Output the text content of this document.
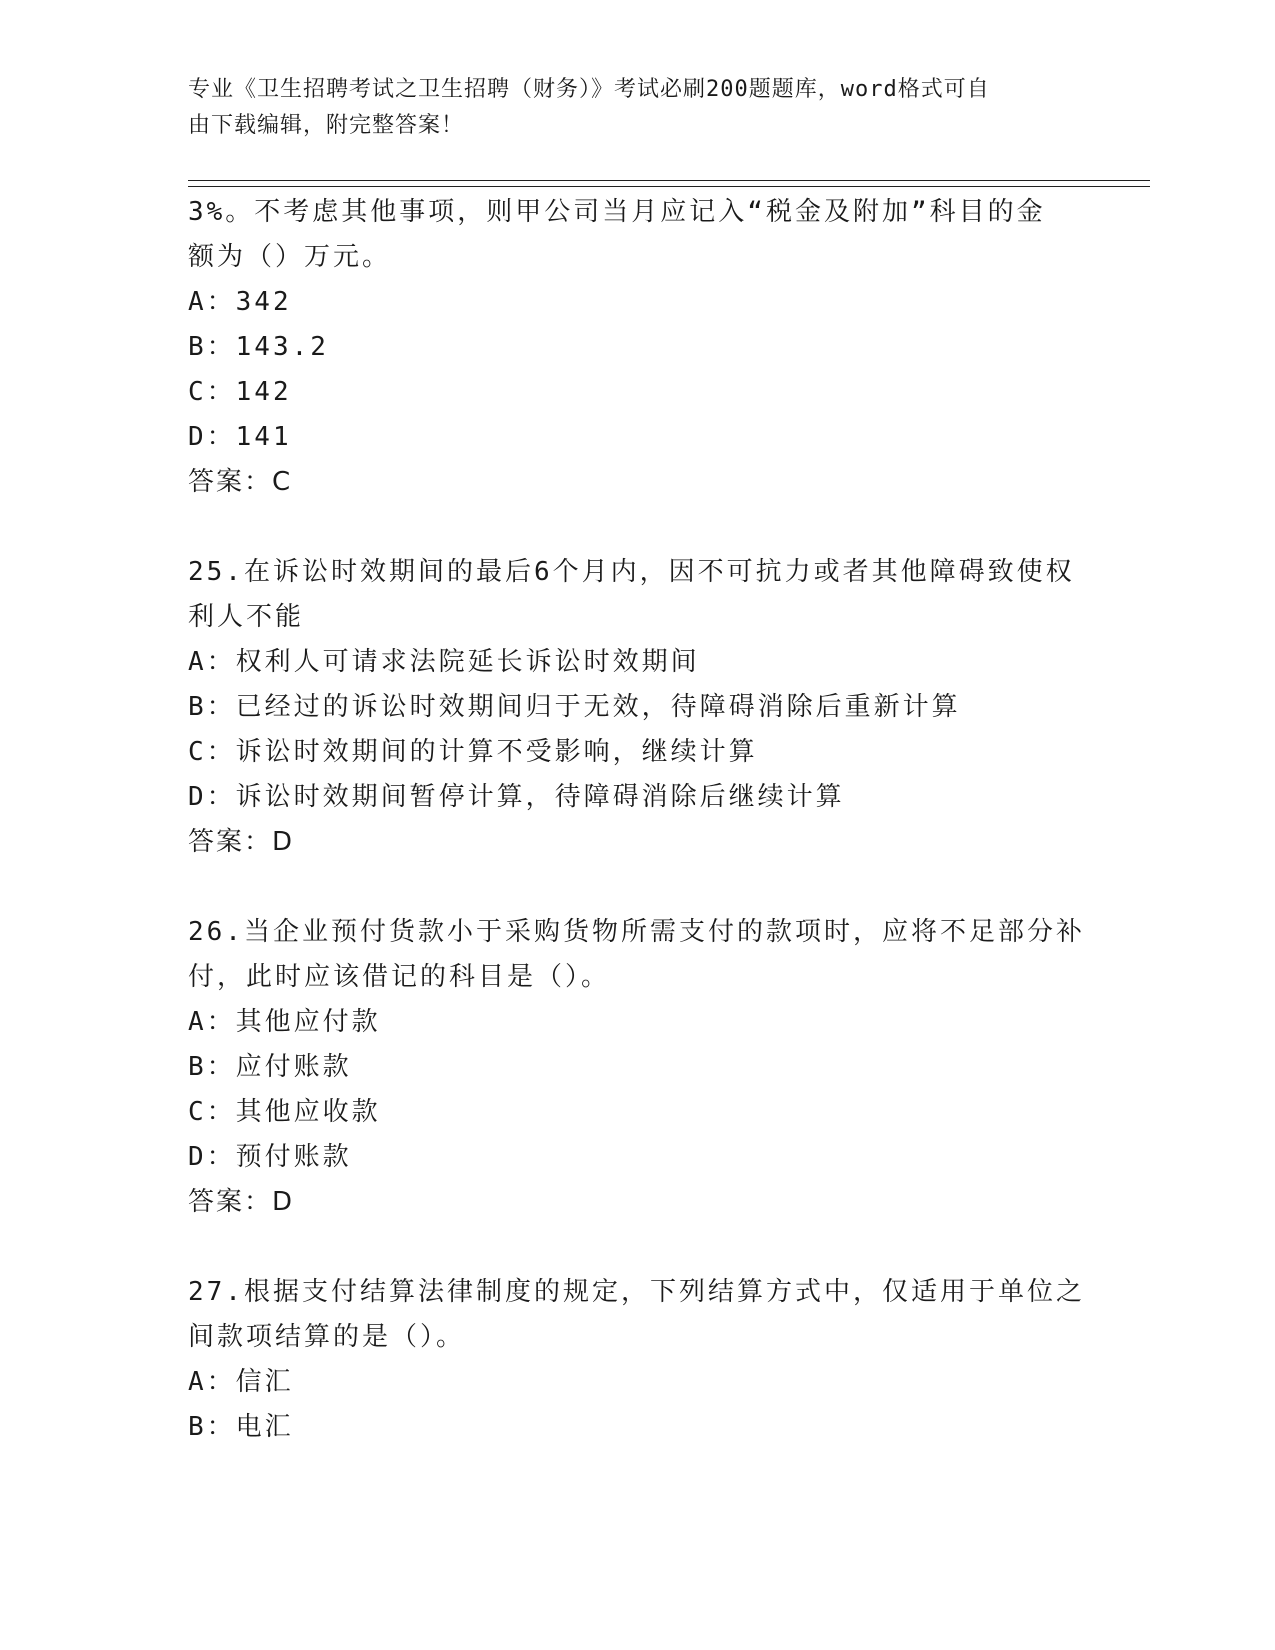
专业《卫生招聘考试之卫生招聘（财务）》考试必刷200题题库，word格式可自
由下载编辑，附完整答案！
3%。不考虑其他事项，则甲公司当月应记入“税金及附加”科目的金
额为（）万元。
A：342
B：143.2
C：142
D：141
答案：C
25.在诉讼时效期间的最后6个月内，因不可抗力或者其他障碍致使权
利人不能
A：权利人可请求法院延长诉讼时效期间
B：已经过的诉讼时效期间归于无效，待障碍消除后重新计算
C：诉讼时效期间的计算不受影响，继续计算
D：诉讼时效期间暂停计算，待障碍消除后继续计算
答案：D
26.当企业预付货款小于采购货物所需支付的款项时，应将不足部分补
付，此时应该借记的科目是（）。
A：其他应付款
B：应付账款
C：其他应收款
D：预付账款
答案：D
27.根据支付结算法律制度的规定，下列结算方式中，仅适用于单位之
间款项结算的是（）。
A：信汇
B：电汇
